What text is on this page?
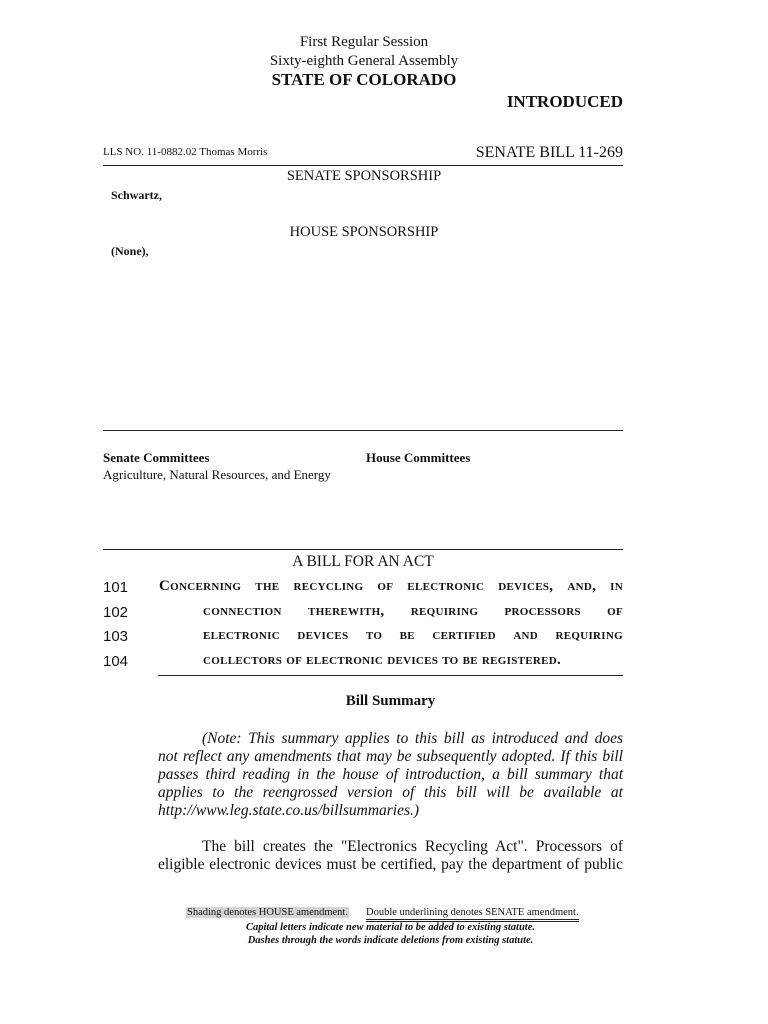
First Regular Session
Sixty-eighth General Assembly
STATE OF COLORADO
INTRODUCED
LLS NO. 11-0882.02 Thomas Morris	SENATE BILL 11-269
SENATE SPONSORSHIP
Schwartz,
HOUSE SPONSORSHIP
(None),
Senate Committees
Agriculture, Natural Resources, and Energy
House Committees
A BILL FOR AN ACT
101 Concerning the recycling of electronic devices, and, in
102	connection therewith, requiring processors of
103	electronic devices to be certified and requiring
104	collectors of electronic devices to be registered.
Bill Summary
(Note: This summary applies to this bill as introduced and does
not reflect any amendments that may be subsequently adopted. If this bill
passes third reading in the house of introduction, a bill summary that
applies to the reengrossed version of this bill will be available at
http://www.leg.state.co.us/billsummaries.)
The bill creates the "Electronics Recycling Act". Processors of
eligible electronic devices must be certified, pay the department of public
Shading denotes HOUSE amendment. Double underlining denotes SENATE amendment.
Capital letters indicate new material to be added to existing statute.
Dashes through the words indicate deletions from existing statute.
